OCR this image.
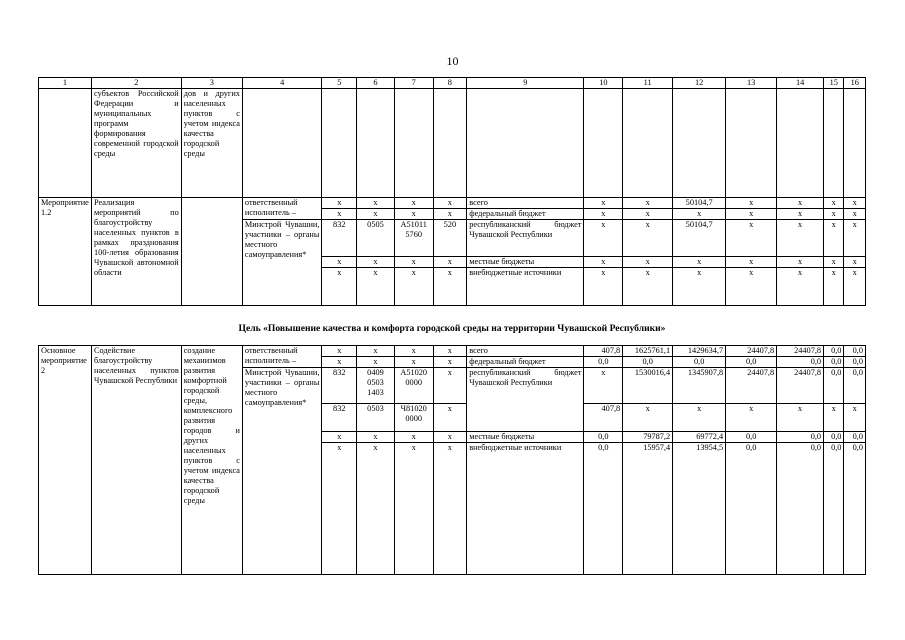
10
1	2	3	4	5	6	7	8	9	10	11	12	13	14	15	16
	субъектов Российской Федерации и муниципальных программ формирования современной городской среды	дов и других населенных пунктов с учетом индекса качества городской среды													
Мероприятие 1.2	Реализация мероприятий по благоустройству населенных пунктов в рамках празднования 100-летия образования Чувашской автономной области		ответственный исполнитель –	x	x	x	x	всего	x	x	50104,7	x	x	x	x
				x	x	x	x	федеральный бюджет	x	x	x	x	x	x	x
			Минстрой Чувашии, участники – органы местного самоуправления*	832	0505	А51011 5760	520	республиканский бюджет Чувашской Республики	x	x	50104,7	x	x	x	x
				x	x	x	x	местные бюджеты	x	x	x	x	x	x	x
				x	x	x	x	внебюджетные источники	x	x	x	x	x	x	x
Цель «Повышение качества и комфорта городской среды на территории Чувашской Республики»
Основное мероприятие 2	Содействие благоустройству населенных пунктов Чувашской Республики	создание механизмов развития комфортной городской среды, комплексного развития городов и других населенных пунктов с учетом индекса качества городской среды	ответственный исполнитель –	x	x	x	x	всего	407,8	1625761,1	1429634,7	24407,8	24407,8	0,0	0,0
				x	x	x	x	федеральный бюджет	0,0	0,0	0,0	0,0	0,0	0,0	0,0
			Минстрой Чувашии, участники – органы местного самоуправления*	832	0409 0503 1403	А51020 0000	x	республиканский бюджет Чувашской Республики	x	1530016,4	1345907,8	24407,8	24407,8	0,0	0,0
				832	0503	Ч81020 0000	x		407,8	x	x	x	x	x	x
				x	x	x	x	местные бюджеты	0,0	79787,2	69772,4	0,0	0,0	0,0	0,0
				x	x	x	x	внебюджетные источники	0,0	15957,4	13954,5	0,0	0,0	0,0	0,0
